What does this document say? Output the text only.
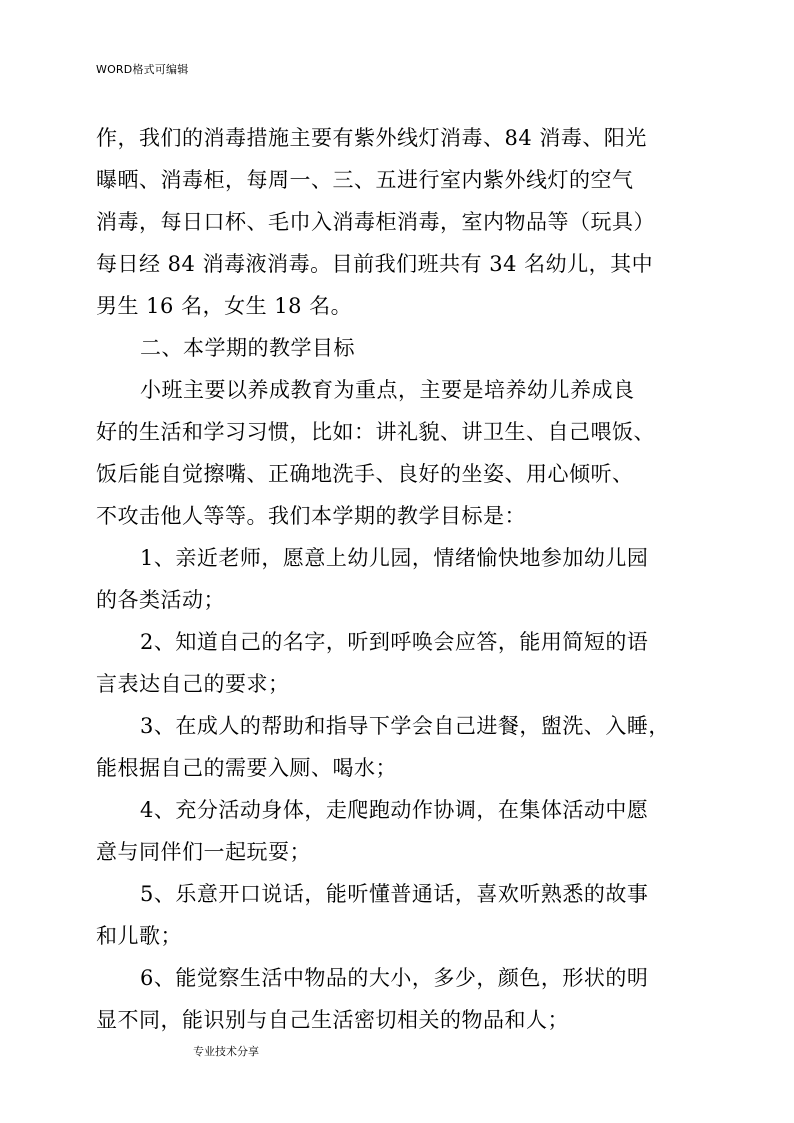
WORD格式可编辑
作，我们的消毒措施主要有紫外线灯消毒、84 消毒、阳光
曝晒、消毒柜，每周一、三、五进行室内紫外线灯的空气
消毒，每日口杯、毛巾入消毒柜消毒，室内物品等（玩具）
每日经 84 消毒液消毒。目前我们班共有 34 名幼儿，其中
男生 16 名，女生 18 名。
二、本学期的教学目标
小班主要以养成教育为重点，主要是培养幼儿养成良
好的生活和学习习惯，比如：讲礼貌、讲卫生、自己喂饭、
饭后能自觉擦嘴、正确地洗手、良好的坐姿、用心倾听、
不攻击他人等等。我们本学期的教学目标是：
1、亲近老师，愿意上幼儿园，情绪愉快地参加幼儿园
的各类活动；
2、知道自己的名字，听到呼唤会应答，能用简短的语
言表达自己的要求；
3、在成人的帮助和指导下学会自己进餐，盥洗、入睡，
能根据自己的需要入厕、喝水；
4、充分活动身体，走爬跑动作协调，在集体活动中愿
意与同伴们一起玩耍；
5、乐意开口说话，能听懂普通话，喜欢听熟悉的故事
和儿歌；
6、能觉察生活中物品的大小，多少，颜色，形状的明
显不同，能识别与自己生活密切相关的物品和人；
专业技术分享
